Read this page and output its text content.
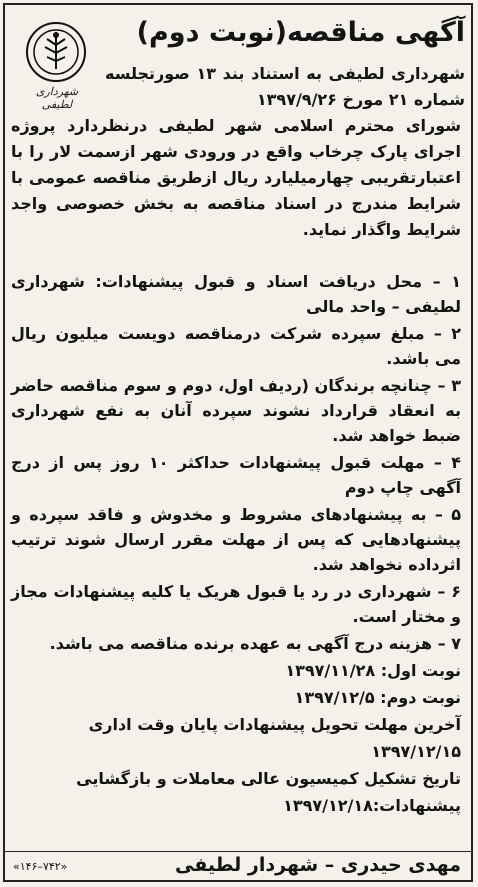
شهرداری لطیفی
آگهی مناقصه(نوبت دوم)
شهرداری لطیفی به استناد بند ۱۳ صورتجلسه شماره ۲۱ مورخ ۱۳۹۷/۹/۲۶
شورای محترم اسلامی شهر لطیفی درنظردارد پروژه اجرای پارک چرخاب واقع در ورودی شهر ازسمت لار را با اعتبارتقریبی چهارمیلیارد ریال ازطریق مناقصه عمومی با شرایط مندرج در اسناد مناقصه به بخش خصوصی واجد شرایط واگذار نماید.
۱ – محل دریافت اسناد و قبول پیشنهادات: شهرداری لطیفی – واحد مالی
۲ – مبلغ سپرده شرکت درمناقصه دویست میلیون ریال می باشد.
۳ – چنانچه برندگان (ردیف اول، دوم و سوم مناقصه حاضر به انعقاد قرارداد نشوند سپرده آنان به نفع شهرداری ضبط خواهد شد.
۴ – مهلت قبول پیشنهادات حداکثر ۱۰ روز پس از درج آگهی چاپ دوم
۵ – به پیشنهادهای مشروط و مخدوش و فاقد سپرده و پیشنهادهایی که پس از مهلت مقرر ارسال شوند ترتیب اثرداده نخواهد شد.
۶ – شهرداری در رد یا قبول هریک یا کلیه پیشنهادات مجاز و مختار است.
۷ – هزینه درج آگهی به عهده برنده مناقصه می باشد.
نوبت اول: ۱۳۹۷/۱۱/۲۸
نوبت دوم: ۱۳۹۷/۱۲/۵
آخرین مهلت تحویل پیشنهادات پایان وقت اداری
۱۳۹۷/۱۲/۱۵
تاریخ تشکیل کمیسیون عالی معاملات و بازگشایی
پیشنهادات:۱۳۹۷/۱۲/۱۸
مهدی حیدری – شهردار لطیفی
«۱۴۶–۷۴۲»
